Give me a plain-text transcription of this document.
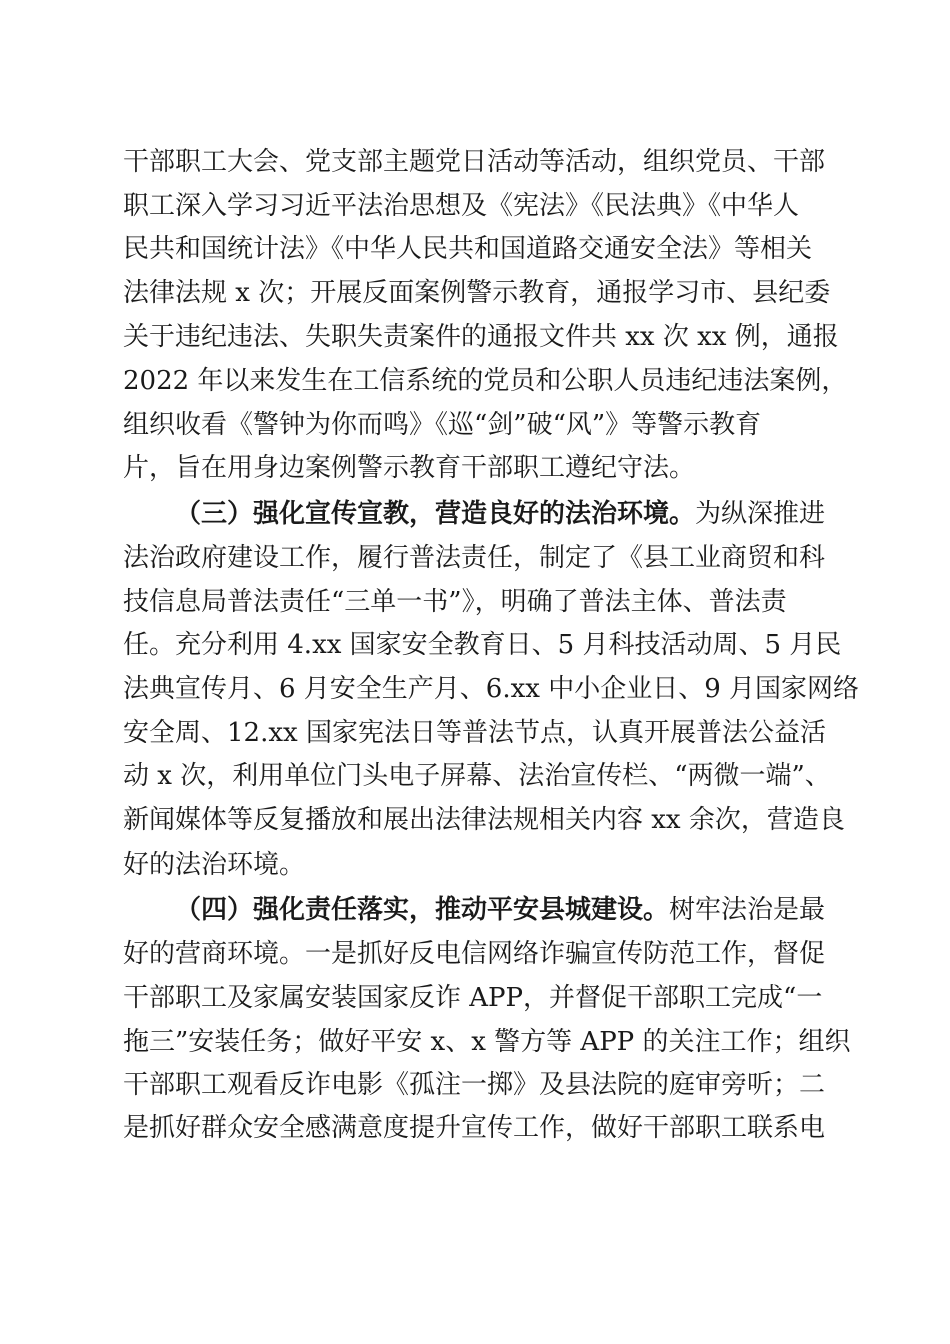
干部职工大会、党支部主题党日活动等活动，组织党员、干部

职工深入学习习近平法治思想及《宪法》《民法典》《中华人

民共和国统计法》《中华人民共和国道路交通安全法》等相关

法律法规 x 次；开展反面案例警示教育，通报学习市、县纪委

关于违纪违法、失职失责案件的通报文件共 xx 次 xx 例，通报

2022 年以来发生在工信系统的党员和公职人员违纪违法案例，

组织收看《警钟为你而鸣》《巡“剑”破“风”》等警示教育

片，旨在用身边案例警示教育干部职工遵纪守法。

（三）强化宣传宣教，营造良好的法治环境。为纵深推进

法治政府建设工作，履行普法责任，制定了《县工业商贸和科

技信息局普法责任“三单一书”》，明确了普法主体、普法责

任。充分利用 4.xx 国家安全教育日、5 月科技活动周、5 月民

法典宣传月、6 月安全生产月、6.xx 中小企业日、9 月国家网络

安全周、12.xx 国家宪法日等普法节点，认真开展普法公益活

动 x 次，利用单位门头电子屏幕、法治宣传栏、“两微一端”、

新闻媒体等反复播放和展出法律法规相关内容 xx 余次，营造良

好的法治环境。

（四）强化责任落实，推动平安县城建设。树牢法治是最

好的营商环境。一是抓好反电信网络诈骗宣传防范工作，督促

干部职工及家属安装国家反诈 APP，并督促干部职工完成“一

拖三”安装任务；做好平安 x、x 警方等 APP 的关注工作；组织

干部职工观看反诈电影《孤注一掷》及县法院的庭审旁听；二

是抓好群众安全感满意度提升宣传工作，做好干部职工联系电
